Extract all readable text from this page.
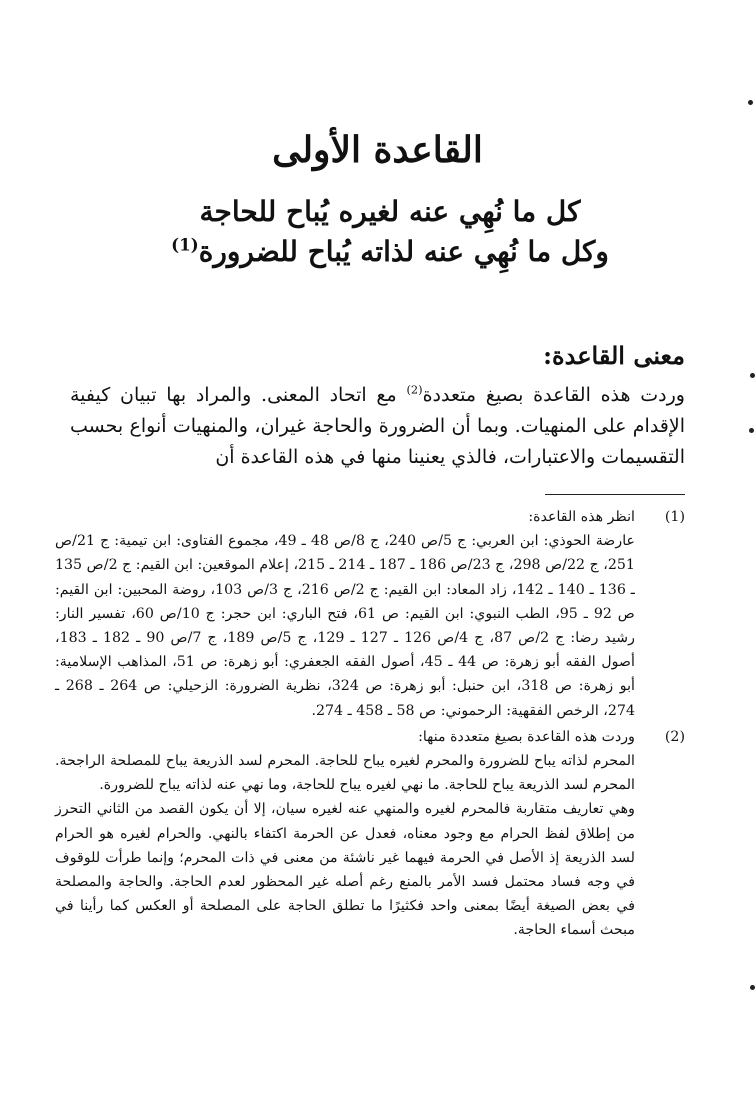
القاعدة الأولى
كل ما نُهِي عنه لغيره يُباح للحاجة
وكل ما نُهِي عنه لذاته يُباح للضرورة$^{(1)}$
معنى القاعدة:
وردت هذه القاعدة بصيغ متعددة$^{(2)}$ مع اتحاد المعنى. والمراد بها تبيان كيفية الإقدام على المنهيات. وبما أن الضرورة والحاجة غيران، والمنهيات أنواع بحسب التقسيمات والاعتبارات، فالذي يعنينا منها في هذه القاعدة أن
(1)

انظر هذه القاعدة:

عارضة الحوذي: ابن العربي: ج 5/ص 240، ج 8/ص 48 ـ 49، مجموع الفتاوى: ابن تيمية: ج 21/ص 251، ج 22/ص 298، ج 23/ص 186 ـ 187 ـ 214 ـ 215، إعلام الموقعين: ابن القيم: ج 2/ص 135 ـ 136 ـ 140 ـ 142، زاد المعاد: ابن القيم: ج 2/ص 216، ج 3/ص 103، روضة المحبين: ابن القيم: ص 92 ـ 95، الطب النبوي: ابن القيم: ص 61، فتح الباري: ابن حجر: ج 10/ص 60، تفسير النار: رشيد رضا: ج 2/ص 87، ج 4/ص 126 ـ 127 ـ 129، ج 5/ص 189، ج 7/ص 90 ـ 182 ـ 183، أصول الفقه أبو زهرة: ص 44 ـ 45، أصول الفقه الجعفري: أبو زهرة: ص 51، المذاهب الإسلامية: أبو زهرة: ص 318، ابن حنبل: أبو زهرة: ص 324، نظرية الضرورة: الزحيلي: ص 264 ـ 268 ـ 274، الرخص الفقهية: الرحموني: ص 58 ـ 458 ـ 274.

(2)

وردت هذه القاعدة بصيغ متعددة منها:

المحرم لذاته يباح للضرورة والمحرم لغيره يباح للحاجة. المحرم لسد الذريعة يباح للمصلحة الراجحة. المحرم لسد الذريعة يباح للحاجة. ما نهي لغيره يباح للحاجة، وما نهي عنه لذاته يباح للضرورة.

وهي تعاريف متقاربة فالمحرم لغيره والمنهي عنه لغيره سيان، إلا أن يكون القصد من الثاني التحرز من إطلاق لفظ الحرام مع وجود معناه، فعدل عن الحرمة اكتفاء بالنهي. والحرام لغيره هو الحرام لسد الذريعة إذ الأصل في الحرمة فيهما غير ناشئة من معنى في ذات المحرم؛ وإنما طرأت للوقوف في وجه فساد محتمل فسد الأمر بالمنع رغم أصله غير المحظور لعدم الحاجة. والحاجة والمصلحة في بعض الصيغة أيضًا بمعنى واحد فكثيرًا ما تطلق الحاجة على المصلحة أو العكس كما رأينا في مبحث أسماء الحاجة.
